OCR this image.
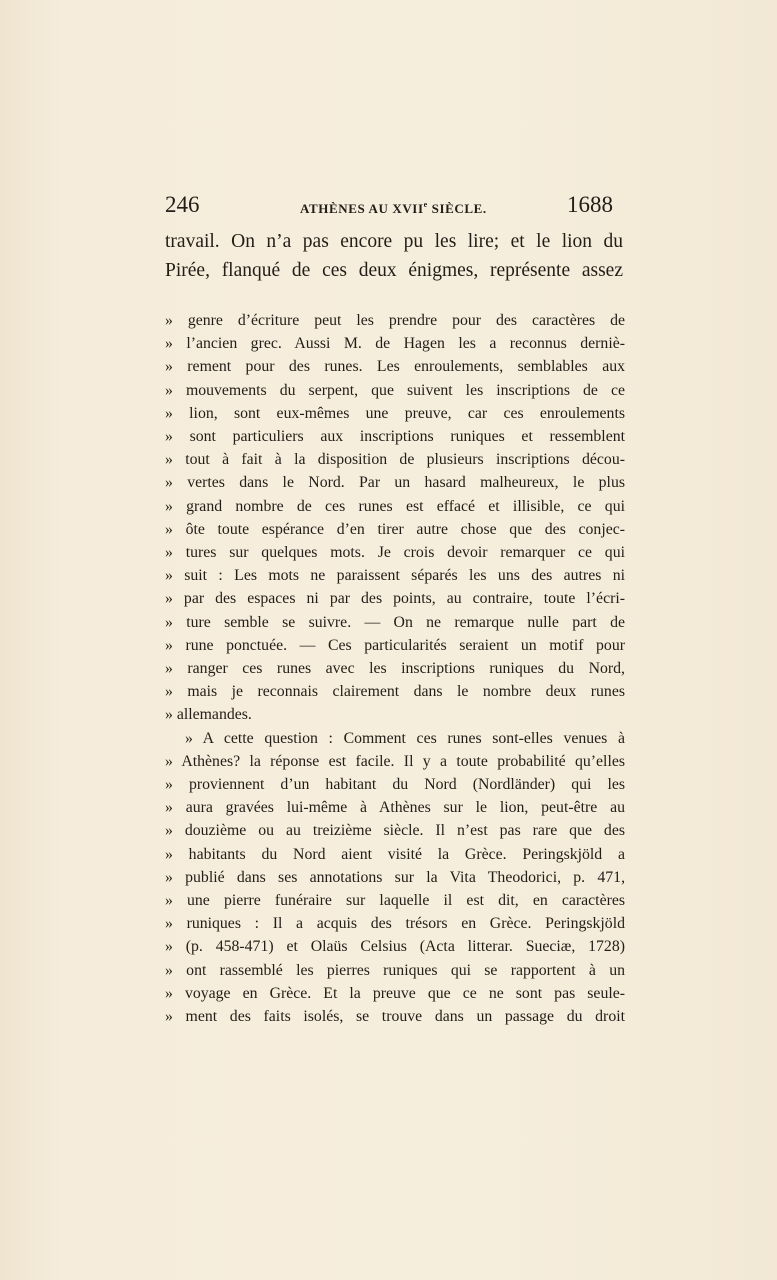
246	ATHÈNES AU XVIIe SIÈCLE.	1688
travail. On n’a pas encore pu les lire; et le lion du
Pirée, flanqué de ces deux énigmes, représente assez
» genre d’écriture peut les prendre pour des caractères de
» l’ancien grec. Aussi M. de Hagen les a reconnus derniè-
» rement pour des runes. Les enroulements, semblables aux
» mouvements du serpent, que suivent les inscriptions de ce
» lion, sont eux-mêmes une preuve, car ces enroulements
» sont particuliers aux inscriptions runiques et ressemblent
» tout à fait à la disposition de plusieurs inscriptions décou-
» vertes dans le Nord. Par un hasard malheureux, le plus
» grand nombre de ces runes est effacé et illisible, ce qui
» ôte toute espérance d’en tirer autre chose que des conjec-
» tures sur quelques mots. Je crois devoir remarquer ce qui
» suit : Les mots ne paraissent séparés les uns des autres ni
» par des espaces ni par des points, au contraire, toute l’écri-
» ture semble se suivre. — On ne remarque nulle part de
» rune ponctuée. — Ces particularités seraient un motif pour
» ranger ces runes avec les inscriptions runiques du Nord,
» mais je reconnais clairement dans le nombre deux runes
» allemandes.
» A cette question : Comment ces runes sont-elles venues à
» Athènes? la réponse est facile. Il y a toute probabilité qu’elles
» proviennent d’un habitant du Nord (Nordländer) qui les
» aura gravées lui-même à Athènes sur le lion, peut-être au
» douzième ou au treizième siècle. Il n’est pas rare que des
» habitants du Nord aient visité la Grèce. Peringskjöld a
» publié dans ses annotations sur la Vita Theodorici, p. 471,
» une pierre funéraire sur laquelle il est dit, en caractères
» runiques : Il a acquis des trésors en Grèce. Peringskjöld
» (p. 458-471) et Olaüs Celsius (Acta litterar. Sueciæ, 1728)
» ont rassemblé les pierres runiques qui se rapportent à un
» voyage en Grèce. Et la preuve que ce ne sont pas seule-
» ment des faits isolés, se trouve dans un passage du droit
